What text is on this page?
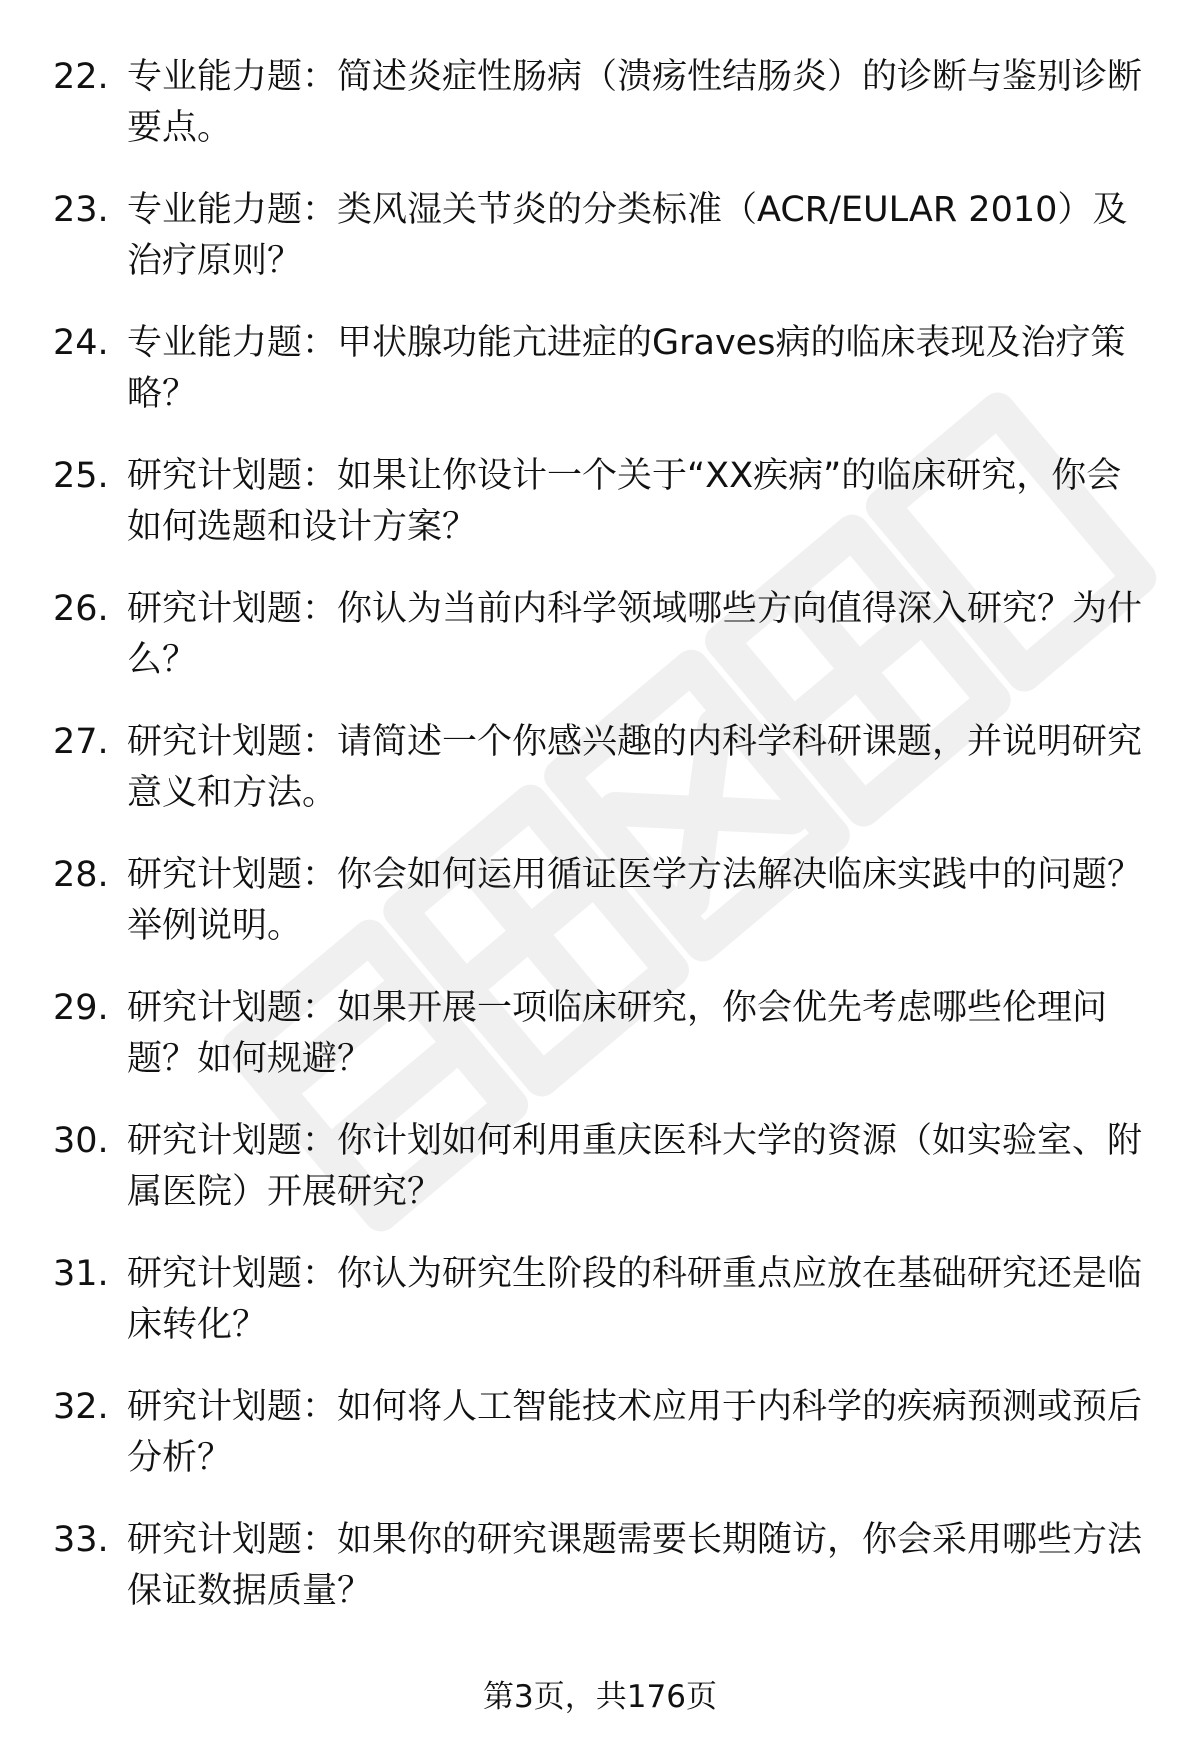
22. 专业能力题：简述炎症性肠病（溃疡性结肠炎）的诊断与鉴别诊断要点。
23. 专业能力题：类风湿关节炎的分类标准（ACR/EULAR 2010）及治疗原则？
24. 专业能力题：甲状腺功能亢进症的Graves病的临床表现及治疗策略？
25. 研究计划题：如果让你设计一个关于“XX疾病”的临床研究，你会如何选题和设计方案？
26. 研究计划题：你认为当前内科学领域哪些方向值得深入研究？为什么？
27. 研究计划题：请简述一个你感兴趣的内科学科研课题，并说明研究意义和方法。
28. 研究计划题：你会如何运用循证医学方法解决临床实践中的问题？举例说明。
29. 研究计划题：如果开展一项临床研究，你会优先考虑哪些伦理问题？如何规避？
30. 研究计划题：你计划如何利用重庆医科大学的资源（如实验室、附属医院）开展研究？
31. 研究计划题：你认为研究生阶段的科研重点应放在基础研究还是临床转化？
32. 研究计划题：如何将人工智能技术应用于内科学的疾病预测或预后分析？
33. 研究计划题：如果你的研究课题需要长期随访，你会采用哪些方法保证数据质量？
第3页，共176页
